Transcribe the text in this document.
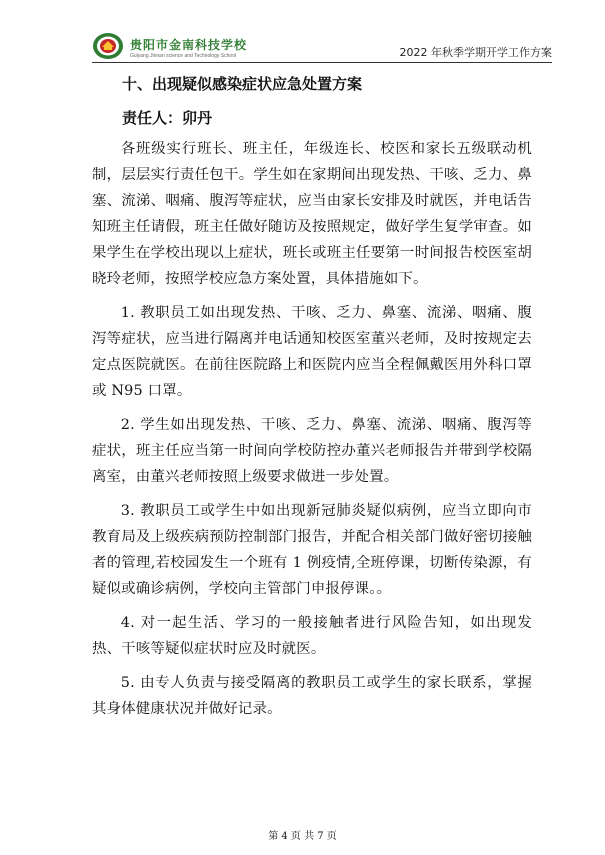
贵阳市金南科技学校
Guiyang Jinnan science and Technology School	2022 年秋季学期开学工作方案
十、出现疑似感染症状应急处置方案
责任人：卯丹

各班级实行班长、班主任，年级连长、校医和家长五级联动机制，层层实行责任包干。学生如在家期间出现发热、干咳、乏力、鼻塞、流涕、咽痛、腹泻等症状，应当由家长安排及时就医，并电话告知班主任请假，班主任做好随访及按照规定，做好学生复学审查。如果学生在学校出现以上症状，班长或班主任要第一时间报告校医室胡晓玲老师，按照学校应急方案处置，具体措施如下。

1. 教职员工如出现发热、干咳、乏力、鼻塞、流涕、咽痛、腹泻等症状，应当进行隔离并电话通知校医室董兴老师，及时按规定去定点医院就医。在前往医院路上和医院内应当全程佩戴医用外科口罩或 N95 口罩。

2. 学生如出现发热、干咳、乏力、鼻塞、流涕、咽痛、腹泻等症状，班主任应当第一时间向学校防控办董兴老师报告并带到学校隔离室，由董兴老师按照上级要求做进一步处置。

3. 教职员工或学生中如出现新冠肺炎疑似病例，应当立即向市教育局及上级疾病预防控制部门报告，并配合相关部门做好密切接触者的管理,若校园发生一个班有 1 例疫情,全班停课，切断传染源，有 疑似或确诊病例，学校向主管部门申报停课。。

4. 对一起生活、学习的一般接触者进行风险告知，如出现发热、干咳等疑似症状时应及时就医。

5. 由专人负责与接受隔离的教职员工或学生的家长联系，掌握其身体健康状况并做好记录。

第 4 页 共 7 页
